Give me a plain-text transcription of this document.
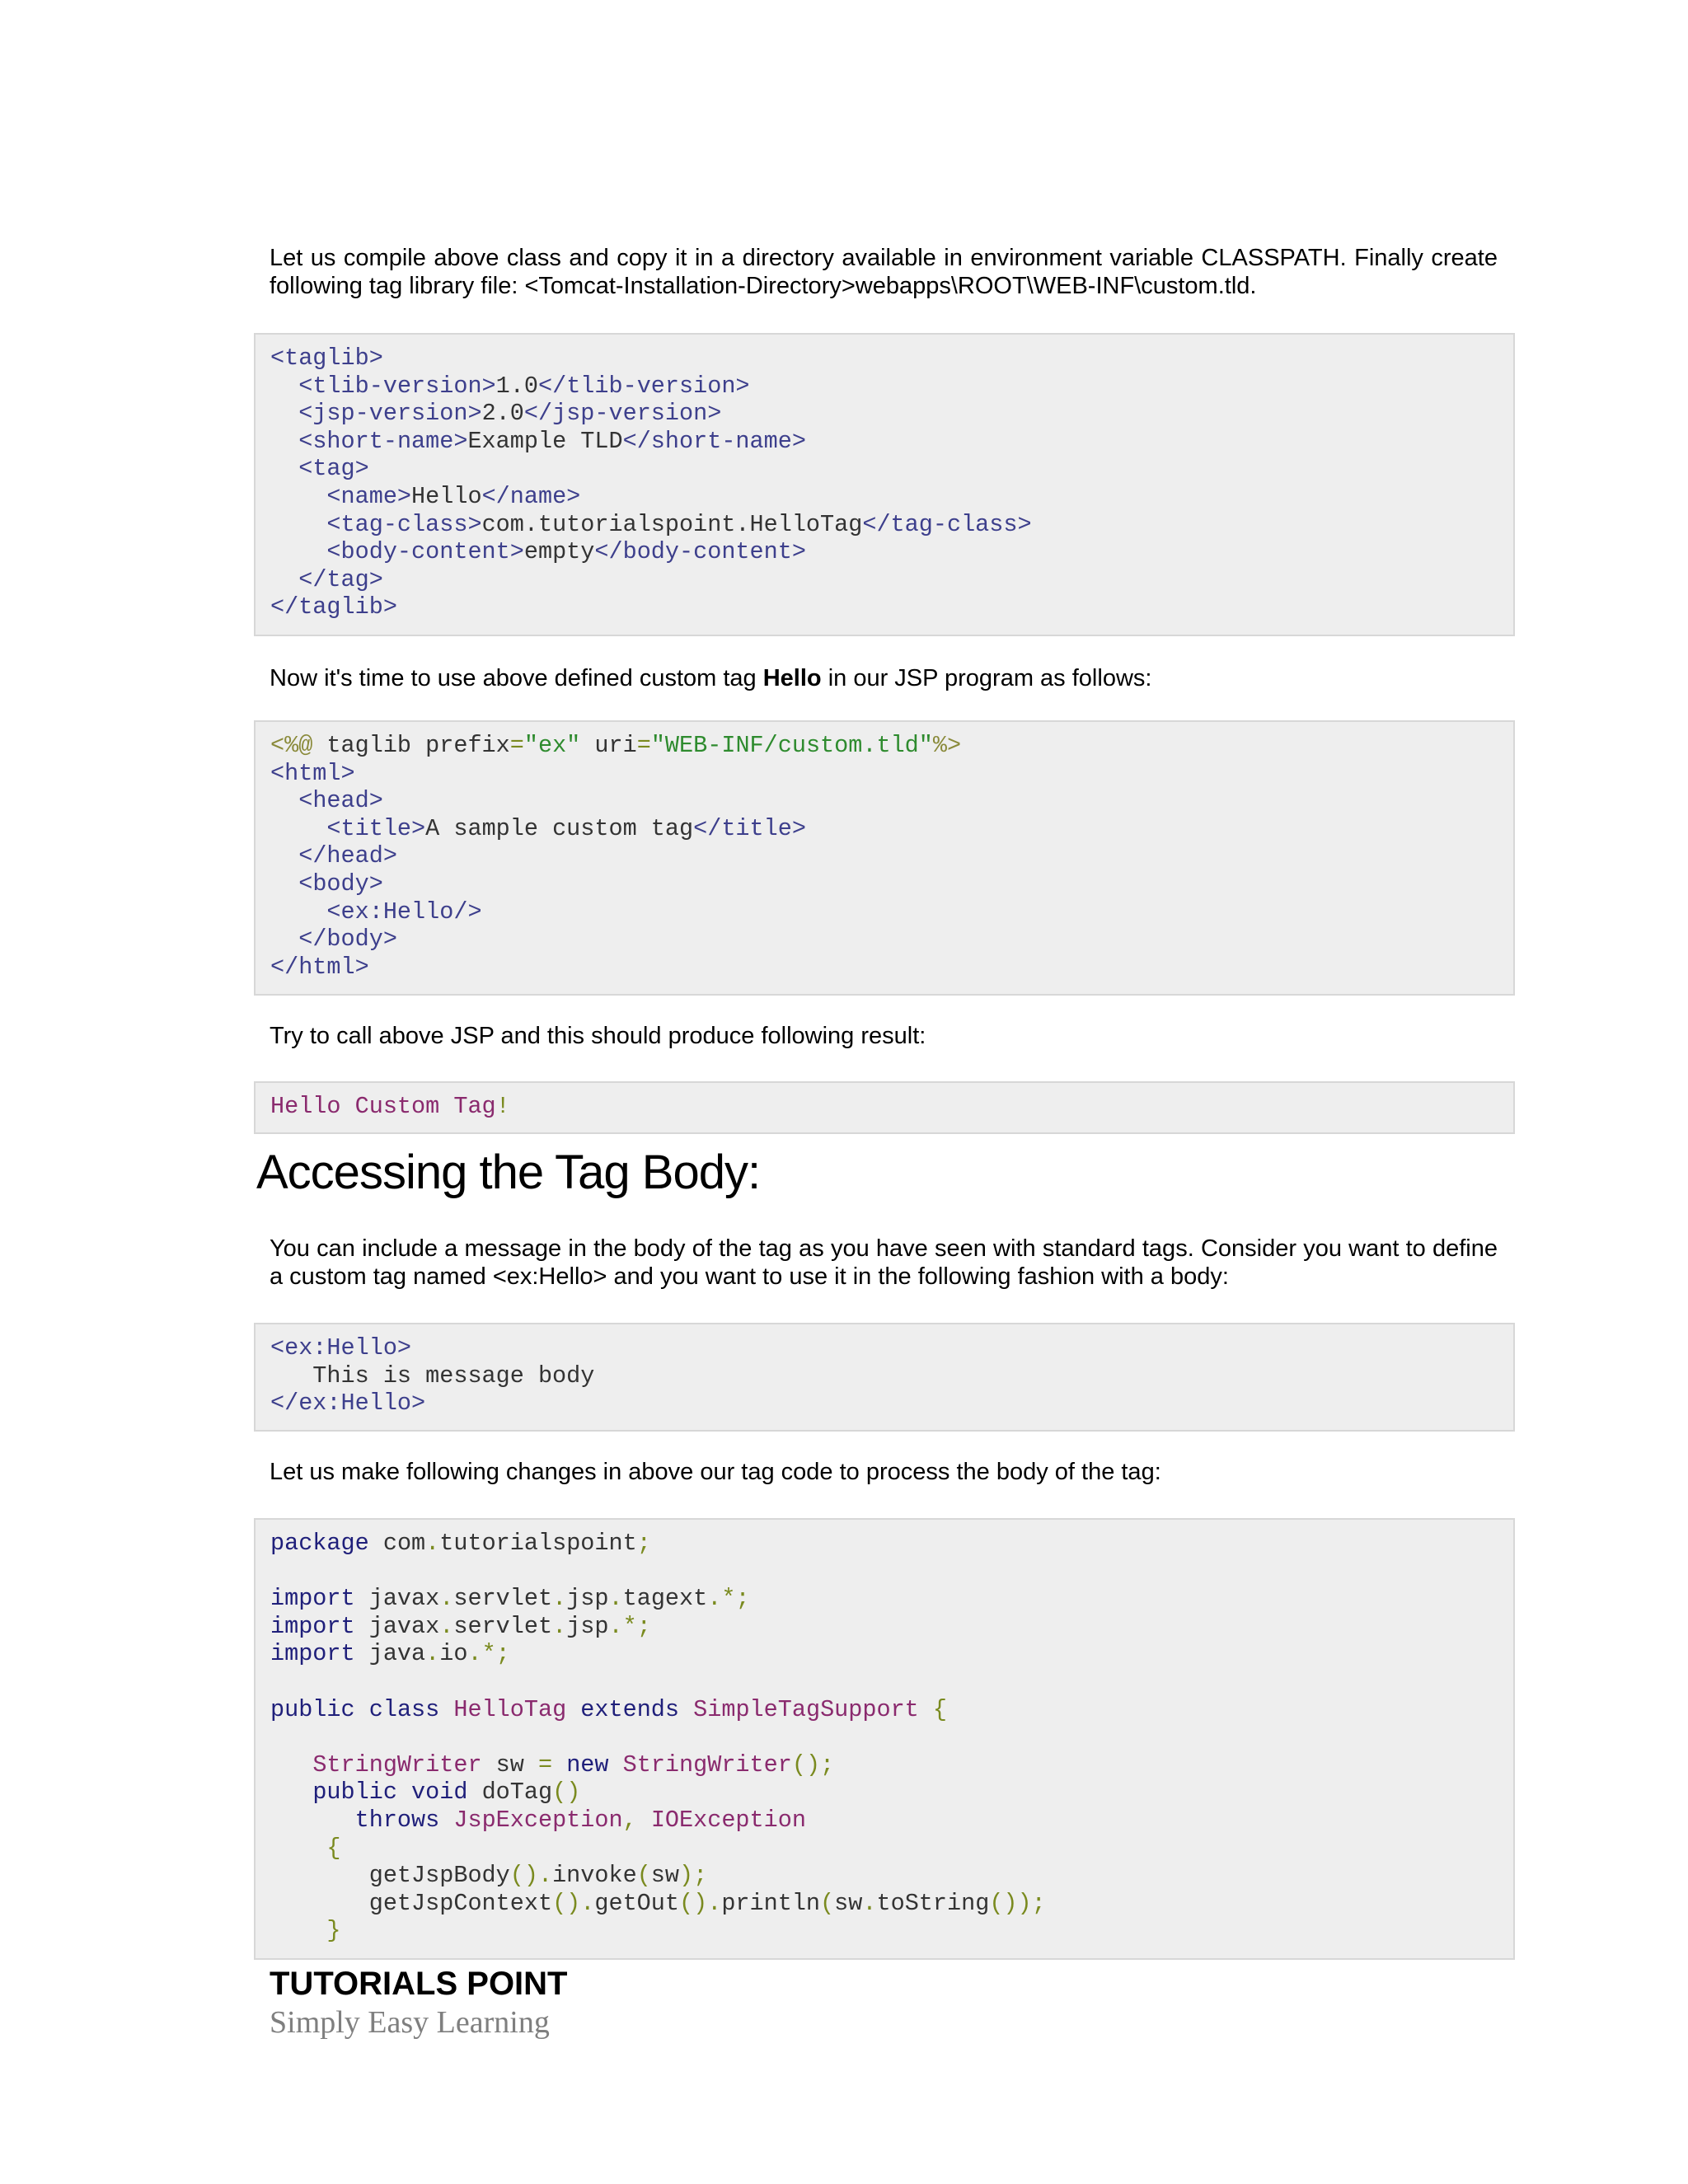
Let us compile above class and copy it in a directory available in environment variable CLASSPATH. Finally create following tag library file: <Tomcat-Installation-Directory>webapps\ROOT\WEB-INF\custom.tld.

<taglib>
<tlib-version>1.0</tlib-version>
<jsp-version>2.0</jsp-version>
<short-name>Example TLD</short-name>
<tag>
<name>Hello</name>
<tag-class>com.tutorialspoint.HelloTag</tag-class>
<body-content>empty</body-content>
</tag>
</taglib>

Now it's time to use above defined custom tag Hello in our JSP program as follows:

<%@ taglib prefix="ex" uri="WEB-INF/custom.tld"%>
<html>
<head>
<title>A sample custom tag</title>
</head>
<body>
<ex:Hello/>
</body>
</html>

Try to call above JSP and this should produce following result:

Hello Custom Tag!
Accessing the Tag Body:

You can include a message in the body of the tag as you have seen with standard tags. Consider you want to define a custom tag named <ex:Hello> and you want to use it in the following fashion with a body:

<ex:Hello>
This is message body
</ex:Hello>

Let us make following changes in above our tag code to process the body of the tag:

package com.tutorialspoint;
import javax.servlet.jsp.tagext.*;
import javax.servlet.jsp.*;
import java.io.*;
public class HelloTag extends SimpleTagSupport {
StringWriter sw = new StringWriter();
public void doTag()
throws JspException, IOException
{
getJspBody().invoke(sw);
getJspContext().getOut().println(sw.toString());
}
TUTORIALS POINT
Simply Easy Learning
